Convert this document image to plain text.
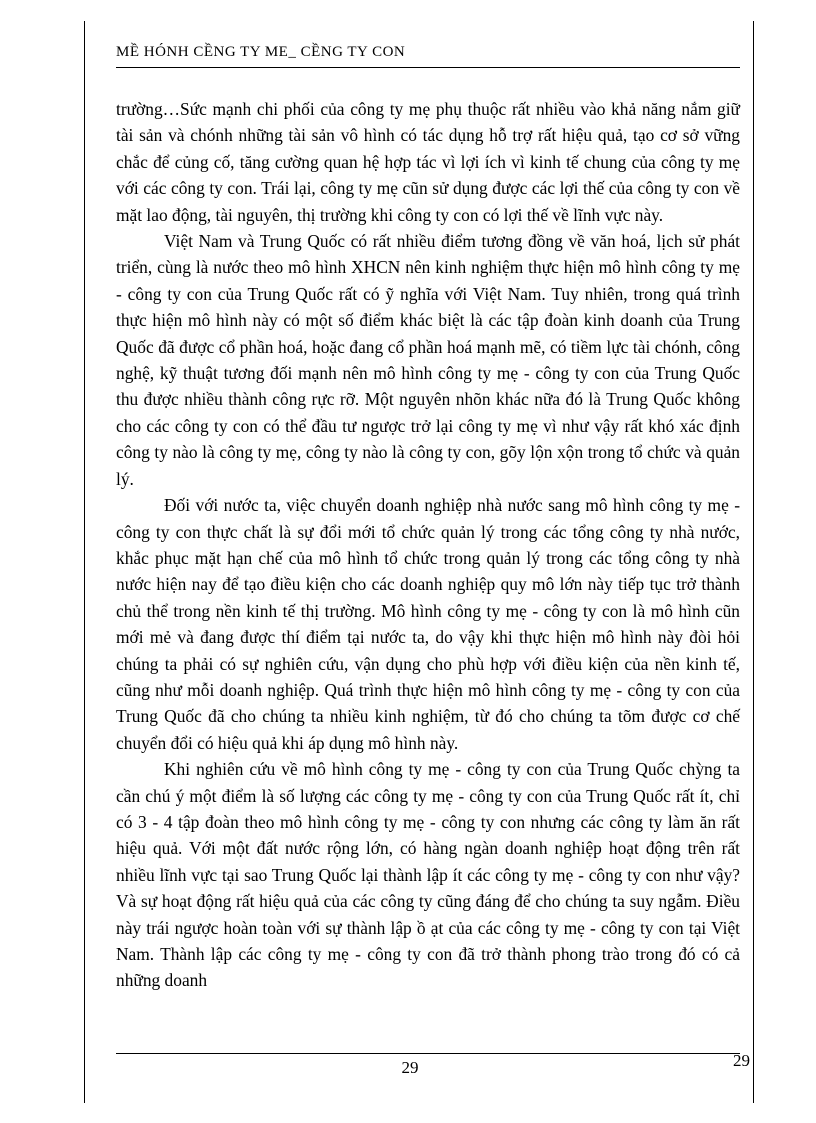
MỀ HÓNH CỀNG TY ME_ CỀNG TY CON

trường…Sức mạnh chi phối của công ty mẹ phụ thuộc rất nhiều vào khả năng nắm giữ tài sản và chónh những tài sản vô hình có tác dụng hỗ trợ rất hiệu quả, tạo cơ sở vững chắc để củng cố, tăng cường quan hệ hợp tác vì lợi ích vì kinh tế chung của công ty mẹ với các công ty con. Trái lại, công ty mẹ cũn sử dụng được các lợi thế của công ty con về mặt lao động, tài nguyên, thị trường khi công ty con có lợi thế về lĩnh vực này.

Việt Nam và Trung Quốc có rất nhiều điểm tương đồng về văn hoá, lịch sử phát triển, cùng là nước theo mô hình XHCN nên kinh nghiệm thực hiện mô hình công ty mẹ - công ty con của Trung Quốc rất có ỹ nghĩa với Việt Nam. Tuy nhiên, trong quá trình thực hiện mô hình này có một số điểm khác biệt là các tập đoàn kinh doanh của Trung Quốc đã được cổ phần hoá, hoặc đang cổ phần hoá mạnh mẽ, có tiềm lực tài chónh, công nghệ, kỹ thuật tương đối mạnh nên mô hình công ty mẹ - công ty con của Trung Quốc thu được nhiều thành công rực rỡ. Một nguyên nhõn khác nữa đó là Trung Quốc không cho các công ty con có thể đầu tư ngược trở lại công ty mẹ vì như vậy rất khó xác định công ty nào là công ty mẹ, công ty nào là công ty con, gõy lộn xộn trong tổ chức và quản lý.

Đối với nước ta, việc chuyển doanh nghiệp nhà nước sang mô hình công ty mẹ - công ty con thực chất là sự đổi mới tổ chức quản lý trong các tổng công ty nhà nước, khắc phục mặt hạn chế của mô hình tổ chức trong quản lý trong các tổng công ty nhà nước hiện nay để tạo điều kiện cho các doanh nghiệp quy mô lớn này tiếp tục trở thành chủ thể trong nền kinh tế thị trường. Mô hình công ty mẹ - công ty con là mô hình cũn mới mẻ và đang được thí điểm tại nước ta, do vậy khi thực hiện mô hình này đòi hỏi chúng ta phải có sự nghiên cứu, vận dụng cho phù hợp với điều kiện của nền kinh tế, cũng như mỗi doanh nghiệp. Quá trình thực hiện mô hình công ty mẹ - công ty con của Trung Quốc đã cho chúng ta nhiều kinh nghiệm, từ đó cho chúng ta tõm được cơ chế chuyển đổi có hiệu quả khi áp dụng mô hình này.

Khi nghiên cứu về mô hình công ty mẹ - công ty con của Trung Quốc chỳng ta cần chú ý một điểm là số lượng các công ty mẹ - công ty con của Trung Quốc rất ít, chỉ có 3 - 4 tập đoàn theo mô hình công ty mẹ - công ty con nhưng các công ty làm ăn rất hiệu quả. Với một đất nước rộng lớn, có hàng ngàn doanh nghiệp hoạt động trên rất nhiều lĩnh vực tại sao Trung Quốc lại thành lập ít các công ty mẹ - công ty con như vậy? Và sự hoạt động rất hiệu quả của các công ty cũng đáng để cho chúng ta suy ngẫm. Điều này trái ngược hoàn toàn với sự thành lập ồ ạt của các công ty mẹ - công ty con tại Việt Nam. Thành lập các công ty mẹ - công ty con đã trở thành phong trào trong đó có cả những doanh

29	29
